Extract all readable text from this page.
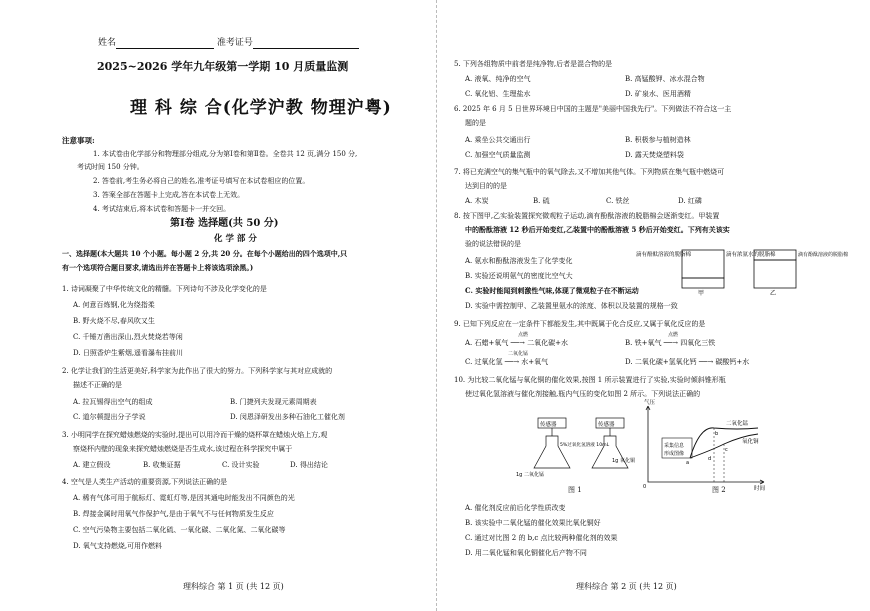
姓名	准考证号
2025~2026 学年九年级第一学期 10 月质量监测
理 科 综 合(化学沪教 物理沪粤)
注意事项:
1. 本试卷由化学部分和物理部分组成,分为第Ⅰ卷和第Ⅱ卷。全卷共 12 页,满分 150 分,
考试时间 150 分钟。
2. 答卷前,考生务必将自己的姓名,准考证号填写在本试卷相应的位置。
3. 答案全部在答题卡上完成,答在本试卷上无效。
4. 考试结束后,将本试卷和答题卡一并交回。
第Ⅰ卷 选择题(共 50 分)
化 学 部 分
一、选择题(本大题共 10 个小题。每小题 2 分,共 20 分。在每个小题给出的四个选项中,只
有一个选项符合题目要求,请选出并在答题卡上将该选项涂黑。)
1. 诗词凝聚了中华传统文化的精髓。下列诗句不涉及化学变化的是
A. 何意百炼钢,化为绕指柔
B. 野火烧不尽,春风吹又生
C. 千锤万凿出深山,烈火焚烧若等闲
D. 日照香炉生紫烟,遥看瀑布挂前川
2. 化学让我们的生活更美好,科学家为此作出了很大的努力。下列科学家与其对应成就的
描述不正确的是
A. 拉瓦锡得出空气的组成	B. 门捷列夫发现元素周期表
C. 道尔顿提出分子学说	D. 闵恩泽研发出多种石油化工催化剂
3. 小明同学在探究蜡烛燃烧的实验时,提出可以用冷而干燥的烧杯罩在蜡烛火焰上方,观
察烧杯内壁的现象来探究蜡烛燃烧是否生成水,该过程在科学探究中属于
A. 建立假设	B. 收集证据	C. 设计实验	D. 得出结论
4. 空气是人类生产活动的重要资源,下列说法正确的是
A. 稀有气体可用于航标灯、霓虹灯等,是因其通电时能发出不同颜色的光
B. 焊接金属时用氧气作保护气,是由于氧气不与任何物质发生反应
C. 空气污染物主要包括二氧化硫、一氧化碳、二氧化氮、二氧化碳等
D. 氧气支持燃烧,可用作燃料
理科综合 第 1 页 (共 12 页)
5. 下列各组物质中前者是纯净物,后者是混合物的是
A. 液氧、纯净的空气	B. 高锰酸钾、冰水混合物
C. 氧化铝、生理盐水	D. 矿泉水、医用酒精
6. 2025 年 6 月 5 日世界环境日中国的主题是"美丽中国我先行"。下列做法不符合这一主
题的是
A. 乘坐公共交通出行	B. 积极参与植树造林
C. 加强空气质量监测	D. 露天焚烧塑料袋
7. 将已充满空气的集气瓶中的氧气除去,又不增加其他气体。下列物质在集气瓶中燃烧可
达到目的的是
A. 木炭	B. 硫	C. 铁丝	D. 红磷
8. 按下图甲,乙实验装置探究微观粒子运动,滴有酚酞溶液的脱脂棉会逐渐变红。甲装置
中的酚酞溶液 12 秒后开始变红,乙装置中的酚酞溶液 5 秒后开始变红。下列有关该实
验的说法错误的是
A. 氨水和酚酞溶液发生了化学变化
B. 实验还说明氨气的密度比空气大
C. 实验时能闻到刺激性气味,体现了微观粒子在不断运动
D. 实验中需控制甲、乙装置里氨水的浓度、体积以及装置的规格一致
滴有酚酞溶液的脱脂棉	滴有浓氨水的脱脂棉	滴有酚酞溶液的脱脂棉
甲	乙
9. 已知下列反应在一定条件下都能发生,其中既属于化合反应,又属于氧化反应的是
A. 石蜡+氧气 ──→ 二氧化碳+水
点燃
B. 铁+氧气 ──→ 四氧化三铁
点燃
C. 过氧化氢 ──→ 水+氧气
二氧化锰
D. 二氧化碳+氢氧化钙 ──→ 碳酸钙+水
10. 为比较二氧化锰与氧化铜的催化效果,按图 1 所示装置进行了实验,实验时倾斜锥形瓶
使过氧化氢溶液与催化剂接触,瓶内气压的变化如图 2 所示。下列说法正确的
传感器	传感器
5%过氧化氢溶液 10mL
1g 二氧化锰
1g 氧化铜
图 1
气压
时间
采集信息
形成图像
二氧化锰
氧化铜
0
a
b
c
d
图 2
A. 催化剂反应前后化学性质改变
B. 该实验中二氧化锰的催化效果比氧化铜好
C. 通过对比图 2 的 b,c 点比较两种催化剂的效果
D. 用二氧化锰和氧化铜催化后产物不同
理科综合 第 2 页 (共 12 页)
